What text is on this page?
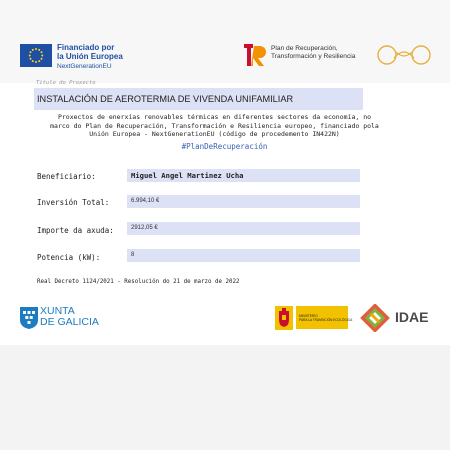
Financiado por
la Unión Europea
NextGenerationEU
Plan de Recuperación,
Transformación y Resiliencia
Título do Proxecto
INSTALACIÓN DE AEROTERMIA DE VIVENDA UNIFAMILIAR
Proxectos de enerxías renovables térmicas en diferentes sectores da economía, no
marco do Plan de Recuperación, Transformación e Resiliencia europeo, financiado pola
Unión Europea - NextGenerationEU (código de procedemento IN422N)
#PlanDeRecuperación
Beneficiario:	Miguel Angel Martinez Ucha
Inversión Total:	6.994,10 €
Importe da axuda:	2912,05 €
Potencia (kW):	8
Real Decreto 1124/2021 - Resolución do 21 de marzo de 2022
XUNTA
DE GALICIA	MINISTERIO
PARA LA TRANSICIÓN ECOLÓGICA	IDAE
